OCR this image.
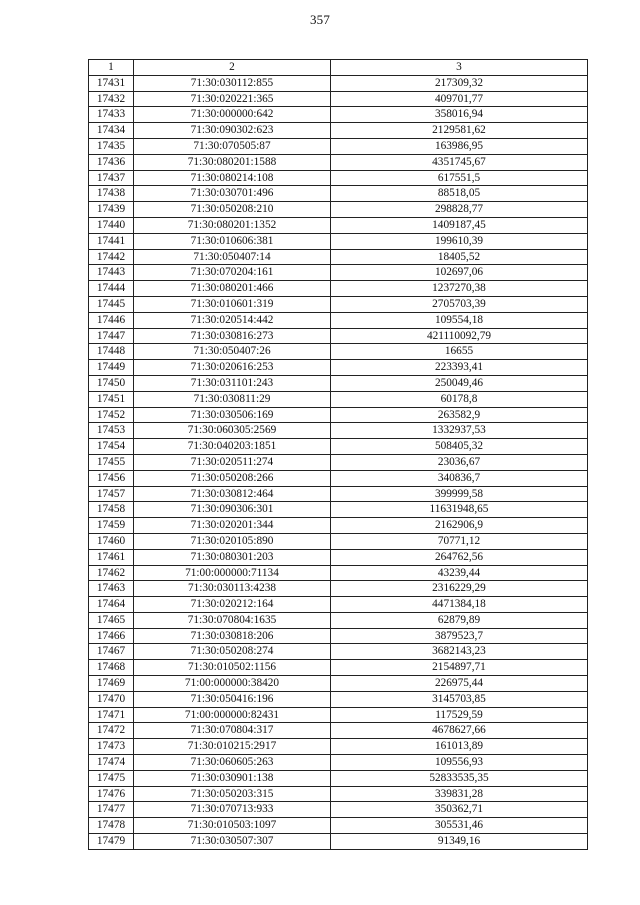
357
1	2	3
17431	71:30:030112:855	217309,32
17432	71:30:020221:365	409701,77
17433	71:30:000000:642	358016,94
17434	71:30:090302:623	2129581,62
17435	71:30:070505:87	163986,95
17436	71:30:080201:1588	4351745,67
17437	71:30:080214:108	617551,5
17438	71:30:030701:496	88518,05
17439	71:30:050208:210	298828,77
17440	71:30:080201:1352	1409187,45
17441	71:30:010606:381	199610,39
17442	71:30:050407:14	18405,52
17443	71:30:070204:161	102697,06
17444	71:30:080201:466	1237270,38
17445	71:30:010601:319	2705703,39
17446	71:30:020514:442	109554,18
17447	71:30:030816:273	421110092,79
17448	71:30:050407:26	16655
17449	71:30:020616:253	223393,41
17450	71:30:031101:243	250049,46
17451	71:30:030811:29	60178,8
17452	71:30:030506:169	263582,9
17453	71:30:060305:2569	1332937,53
17454	71:30:040203:1851	508405,32
17455	71:30:020511:274	23036,67
17456	71:30:050208:266	340836,7
17457	71:30:030812:464	399999,58
17458	71:30:090306:301	11631948,65
17459	71:30:020201:344	2162906,9
17460	71:30:020105:890	70771,12
17461	71:30:080301:203	264762,56
17462	71:00:000000:71134	43239,44
17463	71:30:030113:4238	2316229,29
17464	71:30:020212:164	4471384,18
17465	71:30:070804:1635	62879,89
17466	71:30:030818:206	3879523,7
17467	71:30:050208:274	3682143,23
17468	71:30:010502:1156	2154897,71
17469	71:00:000000:38420	226975,44
17470	71:30:050416:196	3145703,85
17471	71:00:000000:82431	117529,59
17472	71:30:070804:317	4678627,66
17473	71:30:010215:2917	161013,89
17474	71:30:060605:263	109556,93
17475	71:30:030901:138	52833535,35
17476	71:30:050203:315	339831,28
17477	71:30:070713:933	350362,71
17478	71:30:010503:1097	305531,46
17479	71:30:030507:307	91349,16
